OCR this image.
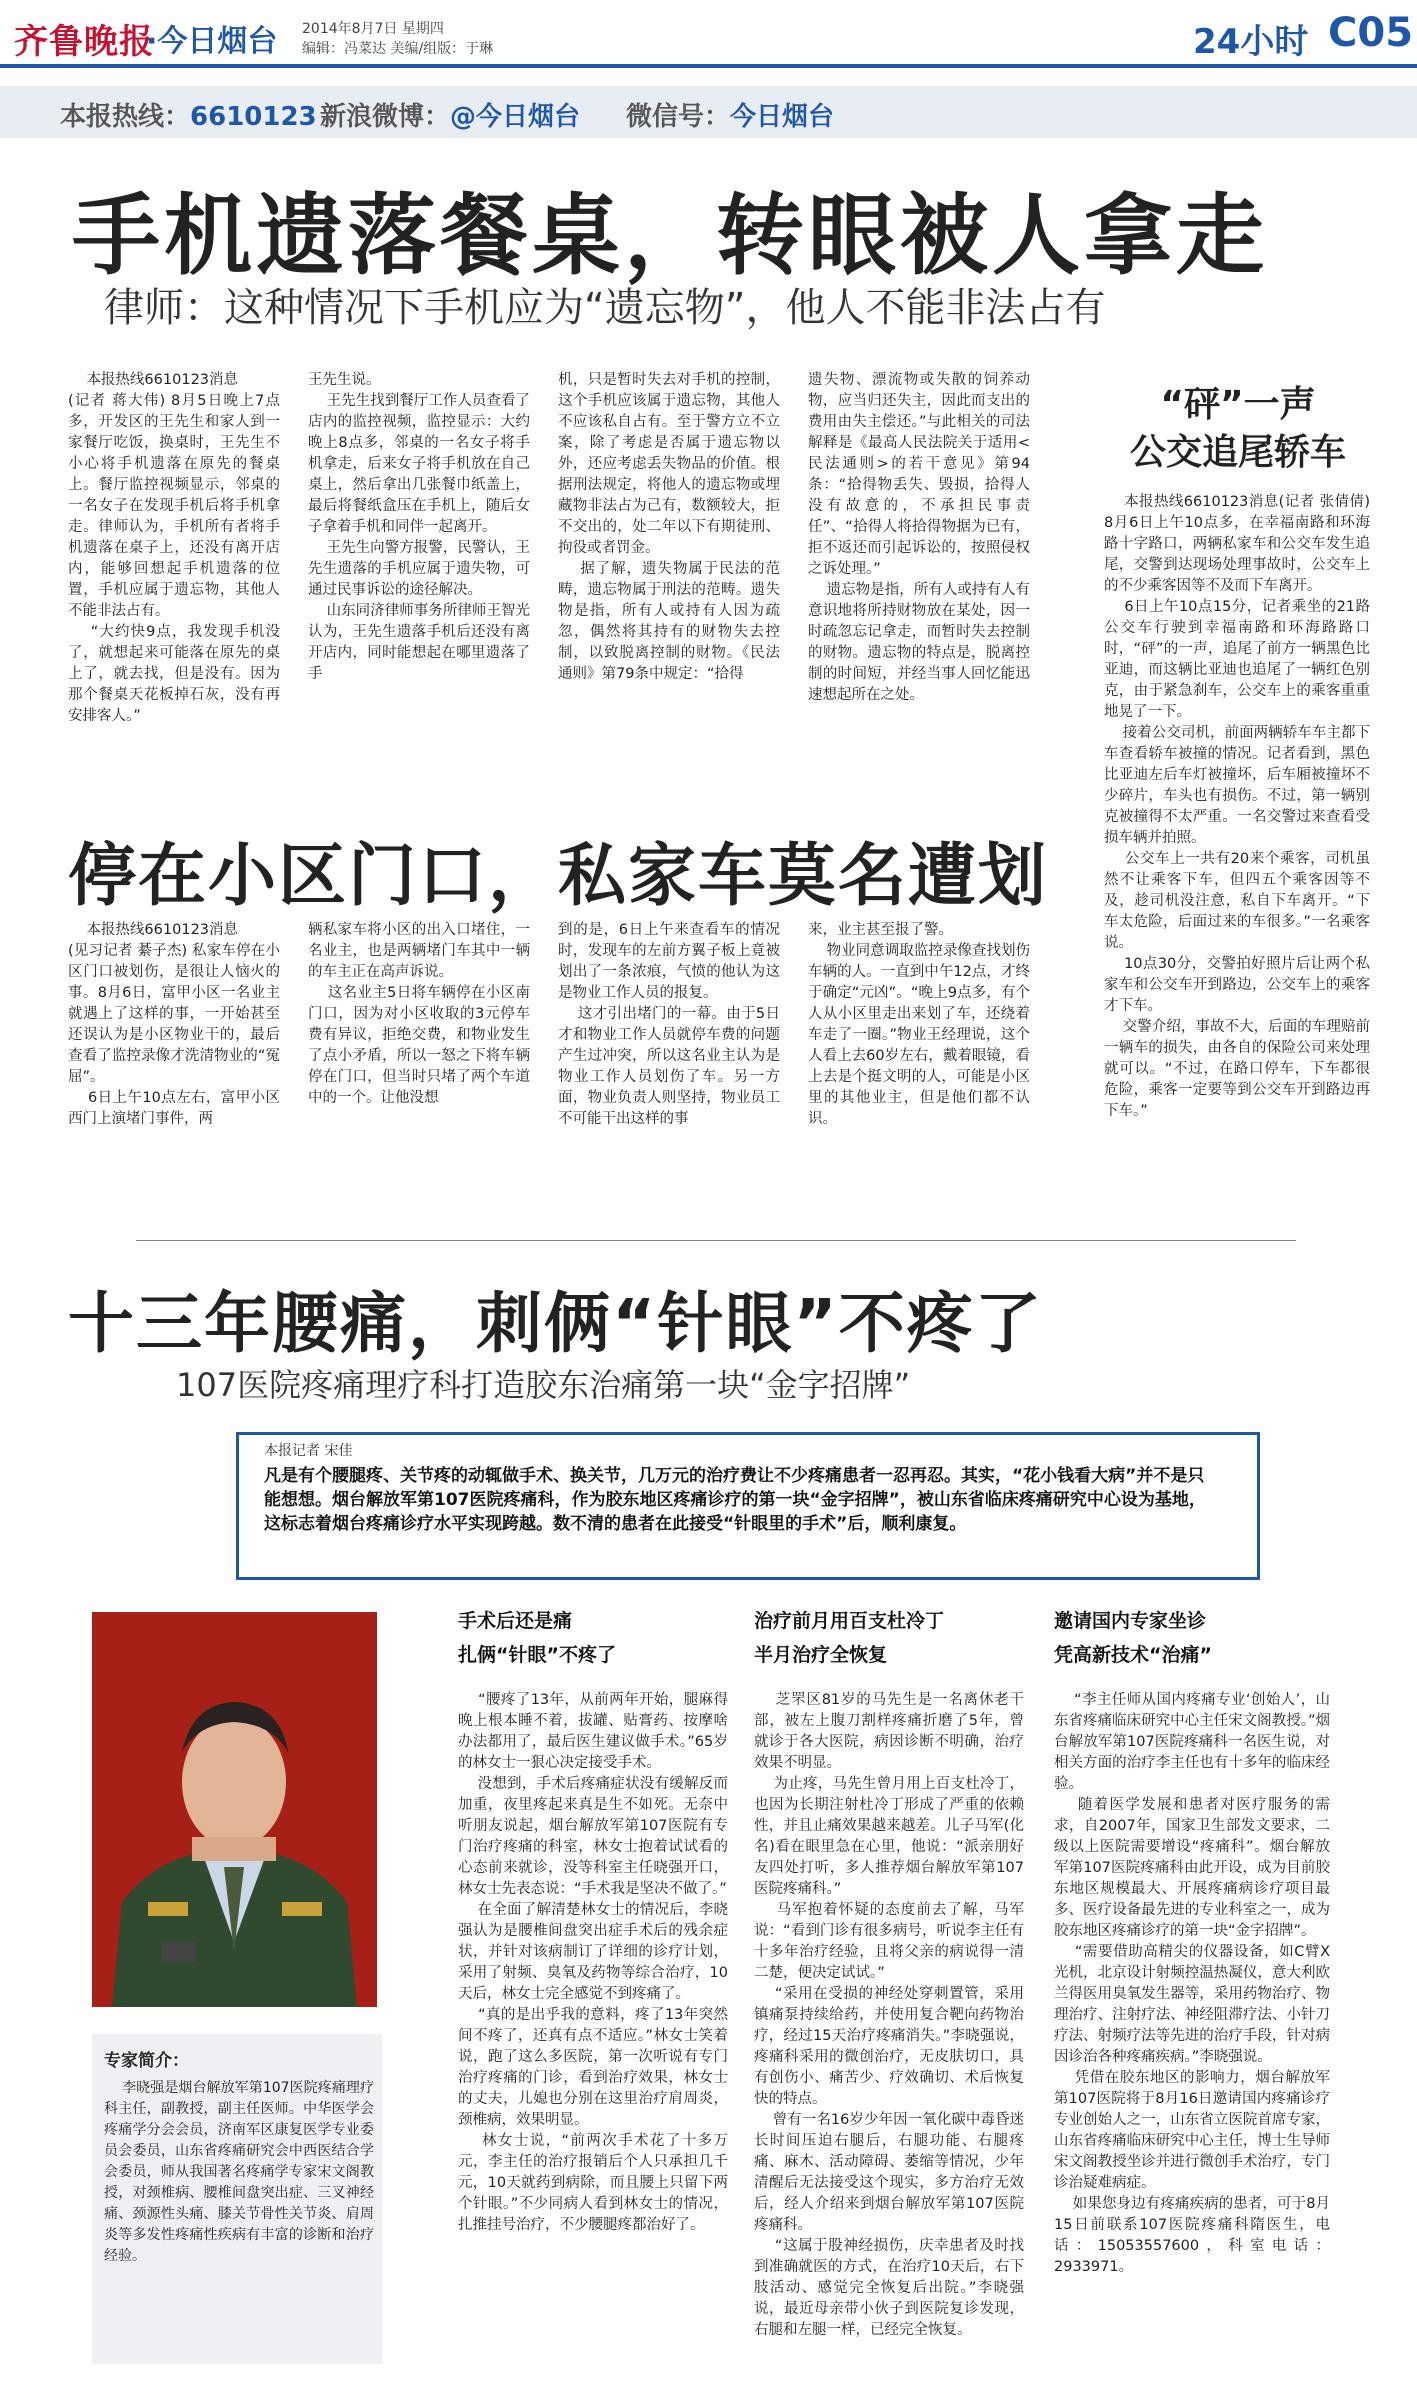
齐鲁晚报
·今日烟台 2014年8月7日 星期四
编辑：冯菜达 美编/组版：于琳	24小时 C05
本报热线：6610123 新浪微博：@今日烟台 微信号：今日烟台
手机遗落餐桌，转眼被人拿走
律师：这种情况下手机应为“遗忘物”，他人不能非法占有
本报热线6610123消息
(记者 蒋大伟) 8月5日晚上7点多，开发区的王先生和家人到一家餐厅吃饭，换桌时，王先生不小心将手机遗落在原先的餐桌上。餐厅监控视频显示，邻桌的一名女子在发现手机后将手机拿走。律师认为，手机所有者将手机遗落在桌子上，还没有离开店内，能够回想起手机遗落的位置，手机应属于遗忘物，其他人不能非法占有。
“大约快9点，我发现手机没了，就想起来可能落在原先的桌上了，就去找，但是没有。因为那个餐桌天花板掉石灰，没有再安排客人。”
王先生说。
王先生找到餐厅工作人员查看了店内的监控视频，监控显示：大约晚上8点多，邻桌的一名女子将手机拿走，后来女子将手机放在自己桌上，然后拿出几张餐巾纸盖上，最后将餐纸盒压在手机上，随后女子拿着手机和同伴一起离开。
王先生向警方报警，民警认，王先生遗落的手机应属于遗失物，可通过民事诉讼的途径解决。
山东同济律师事务所律师王智光认为，王先生遗落手机后还没有离开店内，同时能想起在哪里遗落了手
机，只是暂时失去对手机的控制，这个手机应该属于遗忘物，其他人不应该私自占有。至于警方立不立案，除了考虑是否属于遗忘物以外，还应考虑丢失物品的价值。根据刑法规定，将他人的遗忘物或埋藏物非法占为己有，数额较大，拒不交出的，处二年以下有期徒刑、拘役或者罚金。
据了解，遗失物属于民法的范畴，遗忘物属于刑法的范畴。遗失物是指，所有人或持有人因为疏忽，偶然将其持有的财物失去控制，以致脱离控制的财物。《民法通则》第79条中规定：“拾得
遗失物、漂流物或失散的饲养动物，应当归还失主，因此而支出的费用由失主偿还。”与此相关的司法解释是《最高人民法院关于适用<民法通则>的若干意见》第94条：“拾得物丢失、毁损，拾得人没有故意的，不承担民事责任”、“拾得人将拾得物据为已有，拒不返还而引起诉讼的，按照侵权之诉处理。”
遗忘物是指，所有人或持有人有意识地将所持财物放在某处，因一时疏忽忘记拿走，而暂时失去控制的财物。遗忘物的特点是，脱离控制的时间短，并经当事人回忆能迅速想起所在之处。
“砰”一声
公交追尾轿车
本报热线6610123消息(记者 张倩倩) 8月6日上午10点多，在幸福南路和环海路十字路口，两辆私家车和公交车发生追尾，交警到达现场处理事故时，公交车上的不少乘客因等不及而下车离开。
6日上午10点15分，记者乘坐的21路公交车行驶到幸福南路和环海路路口时，“砰”的一声，追尾了前方一辆黑色比亚迪，而这辆比亚迪也追尾了一辆红色别克，由于紧急刹车，公交车上的乘客重重地晃了一下。
接着公交司机，前面两辆轿车车主都下车查看轿车被撞的情况。记者看到，黑色比亚迪左后车灯被撞坏，后车厢被撞坏不少碎片，车头也有损伤。不过，第一辆别克被撞得不太严重。一名交警过来查看受损车辆并拍照。
公交车上一共有20来个乘客，司机虽然不让乘客下车，但四五个乘客因等不及，趁司机没注意，私自下车离开。“下车太危险，后面过来的车很多。”一名乘客说。
10点30分，交警拍好照片后让两个私家车和公交车开到路边，公交车上的乘客才下车。
交警介绍，事故不大，后面的车理赔前一辆车的损失，由各自的保险公司来处理就可以。“不过，在路口停车，下车都很危险，乘客一定要等到公交车开到路边再下车。”
停在小区门口，私家车莫名遭划
本报热线6610123消息
(见习记者 綦子杰) 私家车停在小区门口被划伤，是很让人恼火的事。8月6日，富甲小区一名业主就遇上了这样的事，一开始甚至还误认为是小区物业干的，最后查看了监控录像才洗清物业的“冤屈”。
6日上午10点左右，富甲小区西门上演堵门事件，两
辆私家车将小区的出入口堵住，一名业主，也是两辆堵门车其中一辆的车主正在高声诉说。
这名业主5日将车辆停在小区南门口，因为对小区收取的3元停车费有异议，拒绝交费，和物业发生了点小矛盾，所以一怒之下将车辆停在门口，但当时只堵了两个车道中的一个。让他没想
到的是，6日上午来查看车的情况时，发现车的左前方翼子板上竟被划出了一条浓痕，气愤的他认为这是物业工作人员的报复。
这才引出堵门的一幕。由于5日才和物业工作人员就停车费的问题产生过冲突，所以这名业主认为是物业工作人员划伤了车。另一方面，物业负责人则坚持，物业员工不可能干出这样的事
来，业主甚至报了警。
物业同意调取监控录像查找划伤车辆的人。一直到中午12点，才终于确定“元凶”。“晚上9点多，有个人从小区里走出来划了车，还绕着车走了一圈。”物业王经理说，这个人看上去60岁左右，戴着眼镜，看上去是个挺文明的人，可能是小区里的其他业主，但是他们都不认识。
十三年腰痛，刺俩“针眼”不疼了
107医院疼痛理疗科打造胶东治痛第一块“金字招牌”
本报记者 宋佳
凡是有个腰腿疼、关节疼的动辄做手术、换关节，几万元的治疗费让不少疼痛患者一忍再忍。其实，“花小钱看大病”并不是只能想想。烟台解放军第107医院疼痛科，作为胶东地区疼痛诊疗的第一块“金字招牌”，被山东省临床疼痛研究中心设为基地，这标志着烟台疼痛诊疗水平实现跨越。数不清的患者在此接受“针眼里的手术”后，顺利康复。
专家简介：
李晓强是烟台解放军第107医院疼痛理疗科主任，副教授，副主任医师。中华医学会疼痛学分会会员，济南军区康复医学专业委员会委员，山东省疼痛研究会中西医结合学会委员，师从我国著名疼痛学专家宋文阁教授，对颈椎病、腰椎间盘突出症、三叉神经痛、颈源性头痛、膝关节骨性关节炎、肩周炎等多发性疼痛性疾病有丰富的诊断和治疗经验。
手术后还是痛
扎俩“针眼”不疼了
“腰疼了13年，从前两年开始，腿麻得晚上根本睡不着，拔罐、贴膏药、按摩啥办法都用了，最后医生建议做手术。”65岁的林女士一狠心决定接受手术。
没想到，手术后疼痛症状没有缓解反而加重，夜里疼起来真是生不如死。无奈中听朋友说起，烟台解放军第107医院有专门治疗疼痛的科室，林女士抱着试试看的心态前来就诊，没等科室主任晓强开口，林女士先表态说：“手术我是坚决不做了。”
在全面了解清楚林女士的情况后，李晓强认为是腰椎间盘突出症手术后的残余症状，并针对该病制订了详细的诊疗计划，采用了射频、臭氧及药物等综合治疗，10天后，林女士完全感觉不到疼痛了。
“真的是出乎我的意料，疼了13年突然间不疼了，还真有点不适应。”林女士笑着说，跑了这么多医院，第一次听说有专门治疗疼痛的门诊，看到治疗效果，林女士的丈夫，儿媳也分别在这里治疗肩周炎，颈椎病，效果明显。
林女士说，“前两次手术花了十多万元，李主任的治疗报销后个人只承担几千元，10天就药到病除，而且腰上只留下两个针眼。”不少同病人看到林女士的情况，扎推挂号治疗，不少腰腿疼都治好了。
治疗前月用百支杜冷丁
半月治疗全恢复
芝罘区81岁的马先生是一名离休老干部，被左上腹刀割样疼痛折磨了5年，曾就诊于各大医院，病因诊断不明确，治疗效果不明显。
为止疼，马先生曾月用上百支杜冷丁，也因为长期注射杜冷丁形成了严重的依赖性，并且止痛效果越来越差。儿子马军(化名)看在眼里急在心里，他说：“派亲朋好友四处打听，多人推荐烟台解放军第107医院疼痛科。”
马军抱着怀疑的态度前去了解，马军说：“看到门诊有很多病号，听说李主任有十多年治疗经验，且将父亲的病说得一清二楚，便决定试试。”
“采用在受损的神经处穿刺置管，采用镇痛泵持续给药，并使用复合靶向药物治疗，经过15天治疗疼痛消失。”李晓强说，疼痛科采用的微创治疗，无皮肤切口，具有创伤小、痛苦少、疗效确切、术后恢复快的特点。
曾有一名16岁少年因一氧化碳中毒昏迷长时间压迫右腿后，右腿功能、右腿疼痛、麻木、活动障碍、萎缩等情况，少年清醒后无法接受这个现实，多方治疗无效后，经人介绍来到烟台解放军第107医院疼痛科。
“这属于股神经损伤，庆幸患者及时找到准确就医的方式，在治疗10天后，右下肢活动、感觉完全恢复后出院。”李晓强说，最近母亲带小伙子到医院复诊发现，右腿和左腿一样，已经完全恢复。
邀请国内专家坐诊
凭高新技术“治痛”
“李主任师从国内疼痛专业‘创始人’，山东省疼痛临床研究中心主任宋文阁教授。”烟台解放军第107医院疼痛科一名医生说，对相关方面的治疗李主任也有十多年的临床经验。
随着医学发展和患者对医疗服务的需求，自2007年，国家卫生部发文要求，二级以上医院需要增设“疼痛科”。烟台解放军第107医院疼痛科由此开设，成为目前胶东地区规模最大、开展疼痛病诊疗项目最多、医疗设备最先进的专业科室之一，成为胶东地区疼痛诊疗的第一块“金字招牌”。
“需要借助高精尖的仪器设备，如C臂X光机，北京设计射频控温热凝仪，意大利欧兰得医用臭氧发生器等，采用药物治疗、物理治疗、注射疗法、神经阻滞疗法、小针刀疗法、射频疗法等先进的治疗手段，针对病因诊治各种疼痛疾病。”李晓强说。
凭借在胶东地区的影响力，烟台解放军第107医院将于8月16日邀请国内疼痛诊疗专业创始人之一，山东省立医院首席专家，山东省疼痛临床研究中心主任，博士生导师宋文阁教授坐诊并进行微创手术治疗，专门诊治疑难病症。
如果您身边有疼痛疾病的患者，可于8月15日前联系107医院疼痛科隋医生，电话：15053557600，科室电话：2933971。
